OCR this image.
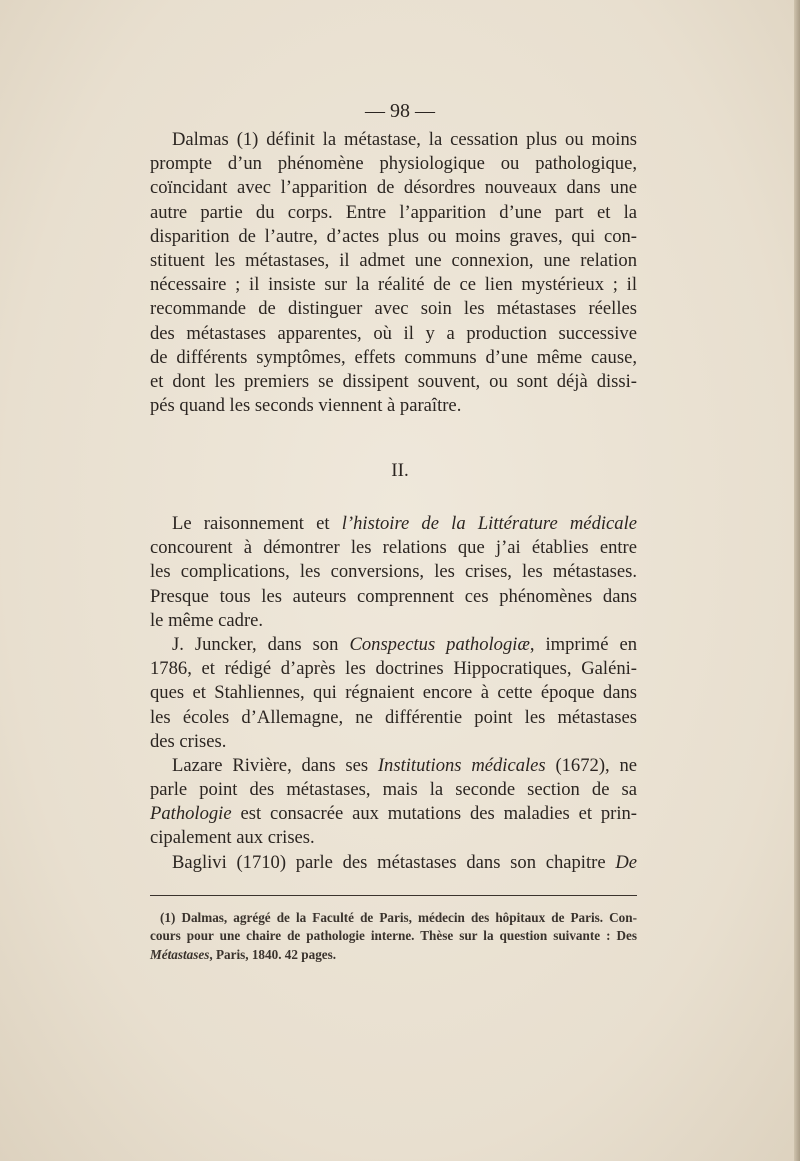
— 98 —
Dalmas (1) définit la métastase, la cessation plus ou moins
prompte d’un phénomène physiologique ou pathologique,
coïncidant avec l’apparition de désordres nouveaux dans une
autre partie du corps. Entre l’apparition d’une part et la
disparition de l’autre, d’actes plus ou moins graves, qui con-
stituent les métastases, il admet une connexion, une relation
nécessaire ; il insiste sur la réalité de ce lien mystérieux ; il
recommande de distinguer avec soin les métastases réelles
des métastases apparentes, où il y a production successive
de différents symptômes, effets communs d’une même cause,
et dont les premiers se dissipent souvent, ou sont déjà dissi-
pés quand les seconds viennent à paraître.
II.
Le raisonnement et l’histoire de la Littérature médicale
concourent à démontrer les relations que j’ai établies entre
les complications, les conversions, les crises, les métastases.
Presque tous les auteurs comprennent ces phénomènes dans
le même cadre.
J. Juncker, dans son Conspectus pathologiæ, imprimé en
1786, et rédigé d’après les doctrines Hippocratiques, Galéni-
ques et Stahliennes, qui régnaient encore à cette époque dans
les écoles d’Allemagne, ne différentie point les métastases
des crises.
Lazare Rivière, dans ses Institutions médicales (1672), ne
parle point des métastases, mais la seconde section de sa
Pathologie est consacrée aux mutations des maladies et prin-
cipalement aux crises.
Baglivi (1710) parle des métastases dans son chapitre De
(1) Dalmas, agrégé de la Faculté de Paris, médecin des hôpitaux de Paris. Con-
cours pour une chaire de pathologie interne. Thèse sur la question suivante : Des
Métastases, Paris, 1840. 42 pages.
